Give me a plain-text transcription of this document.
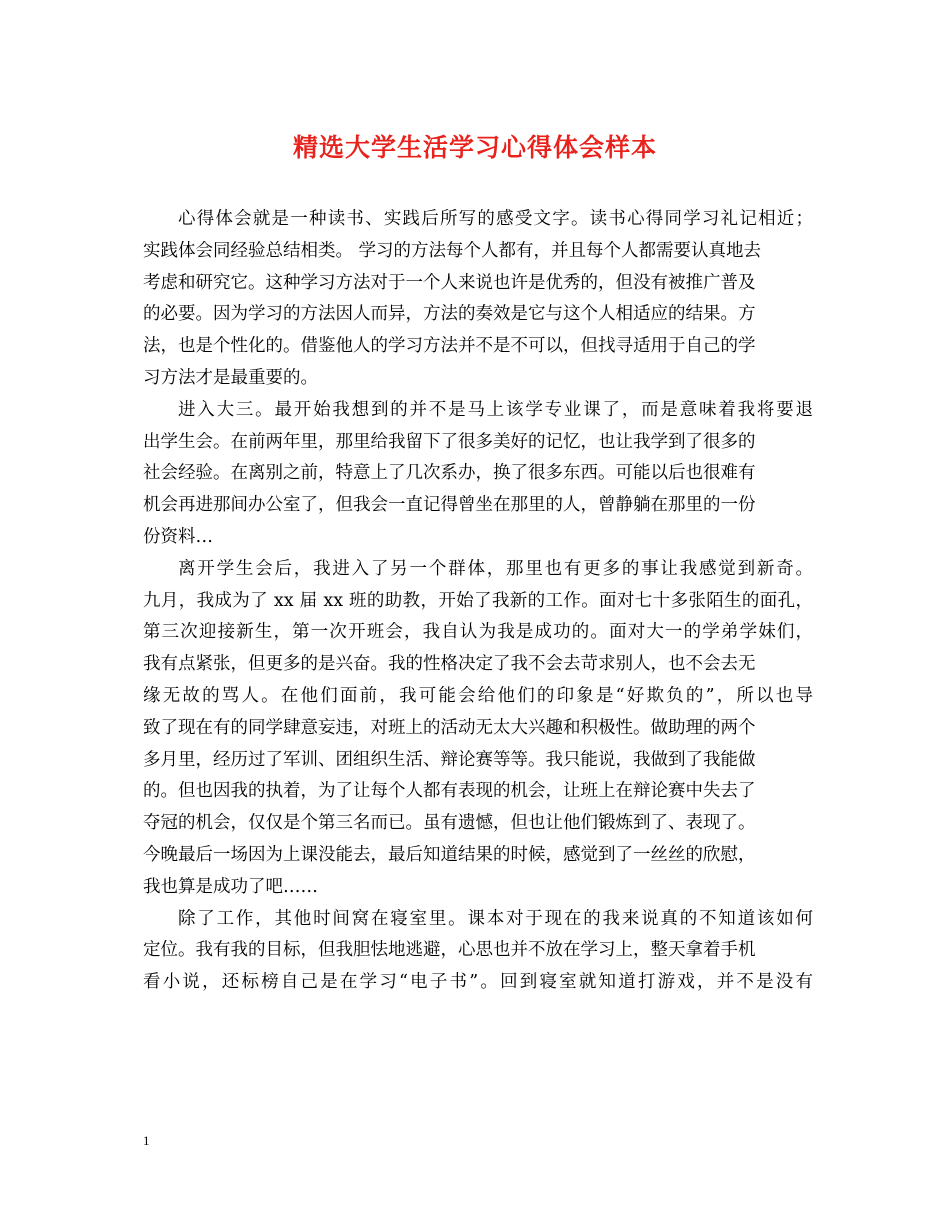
精选大学生活学习心得体会样本
心得体会就是一种读书、实践后所写的感受文字。读书心得同学习礼记相近；
实践体会同经验总结相类。 学习的方法每个人都有，并且每个人都需要认真地去
考虑和研究它。这种学习方法对于一个人来说也许是优秀的，但没有被推广普及
的必要。因为学习的方法因人而异，方法的奏效是它与这个人相适应的结果。方
法，也是个性化的。借鉴他人的学习方法并不是不可以，但找寻适用于自己的学
习方法才是最重要的。
进入大三。最开始我想到的并不是马上该学专业课了，而是意味着我将要退
出学生会。在前两年里，那里给我留下了很多美好的记忆，也让我学到了很多的
社会经验。在离别之前，特意上了几次系办，换了很多东西。可能以后也很难有
机会再进那间办公室了，但我会一直记得曾坐在那里的人，曾静躺在那里的一份
份资料…
离开学生会后，我进入了另一个群体，那里也有更多的事让我感觉到新奇。
九月，我成为了 xx 届 xx 班的助教，开始了我新的工作。面对七十多张陌生的面孔，
第三次迎接新生，第一次开班会，我自认为我是成功的。面对大一的学弟学妹们，
我有点紧张，但更多的是兴奋。我的性格决定了我不会去苛求别人，也不会去无
缘无故的骂人。在他们面前，我可能会给他们的印象是“好欺负的”，所以也导
致了现在有的同学肆意妄违，对班上的活动无太大兴趣和积极性。做助理的两个
多月里，经历过了军训、团组织生活、辩论赛等等。我只能说，我做到了我能做
的。但也因我的执着，为了让每个人都有表现的机会，让班上在辩论赛中失去了
夺冠的机会，仅仅是个第三名而已。虽有遗憾，但也让他们锻炼到了、表现了。
今晚最后一场因为上课没能去，最后知道结果的时候，感觉到了一丝丝的欣慰，
我也算是成功了吧……
除了工作，其他时间窝在寝室里。课本对于现在的我来说真的不知道该如何
定位。我有我的目标，但我胆怯地逃避，心思也并不放在学习上，整天拿着手机
看小说，还标榜自己是在学习“电子书”。回到寝室就知道打游戏，并不是没有
1
